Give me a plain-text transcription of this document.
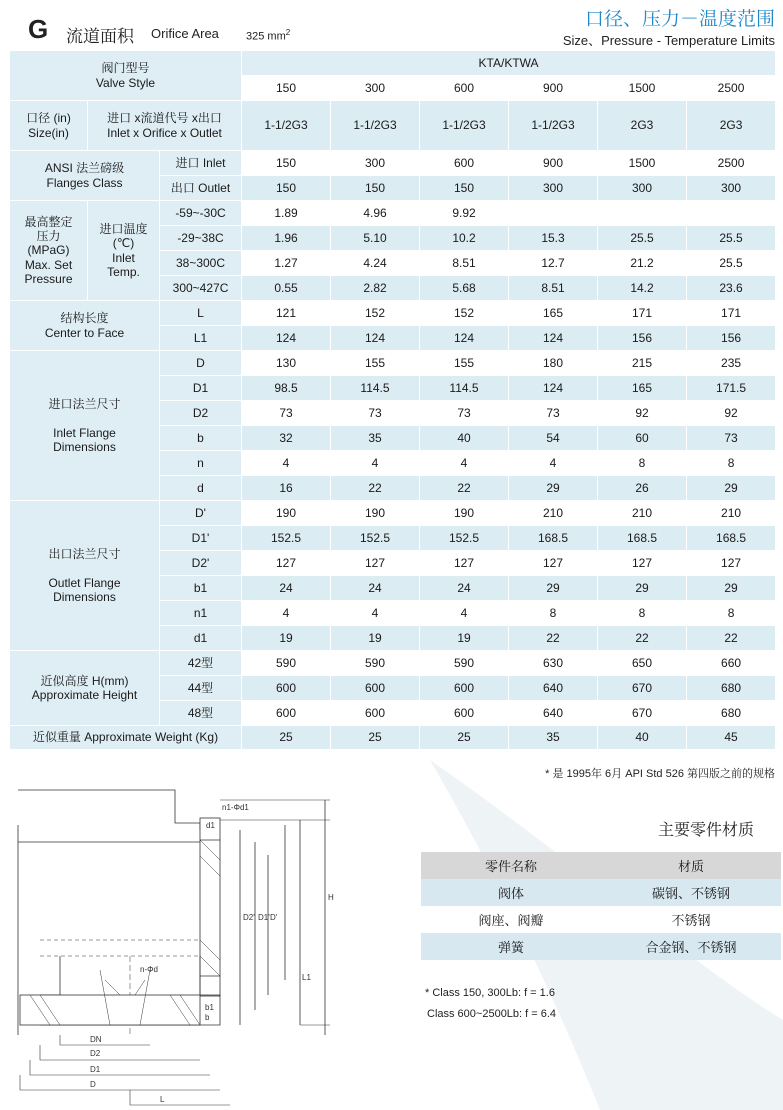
G 流道面积 Orifice Area 325 $mm^2$
口径、压力－温度范围
Size、Pressure - Temperature Limits
阀门型号
Valve Style			KTA/KTWA					
			150	300	600	900	1500	2500
口径 (in)
Size(in)	进口 x流道代号 x出口
Inlet x Orifice x Outlet		1-1/2G3	1-1/2G3	1-1/2G3	1-1/2G3	2G3	2G3
ANSI 法兰磅级
Flanges Class		进口 Inlet	150	300	600	900	1500	2500
		出口 Outlet	150	150	150	300	300	300
最高整定
压力
(MPaG)
Max. Set
Pressure	进口温度
(℃)
Inlet
Temp.	-59~-30C	1.89	4.96	9.92			
		-29~38C	1.96	5.10	10.2	15.3	25.5	25.5
		38~300C	1.27	4.24	8.51	12.7	21.2	25.5
		300~427C	0.55	2.82	5.68	8.51	14.2	23.6
结构长度
Center to Face		L	121	152	152	165	171	171
		L1	124	124	124	124	156	156
进口法兰尺寸

Inlet Flange
Dimensions		D	130	155	155	180	215	235
		D1	98.5	114.5	114.5	124	165	171.5
		D2	73	73	73	73	92	92
		b	32	35	40	54	60	73
		n	4	4	4	4	8	8
		d	16	22	22	29	26	29
出口法兰尺寸

Outlet Flange
Dimensions		D'	190	190	190	210	210	210
		D1'	152.5	152.5	152.5	168.5	168.5	168.5
		D2'	127	127	127	127	127	127
		b1	24	24	24	29	29	29
		n1	4	4	4	8	8	8
		d1	19	19	19	22	22	22
近似高度 H(mm)
Approximate Height		42型	590	590	590	630	650	660
		44型	600	600	600	640	670	680
		48型	600	600	600	640	670	680
近似重量 Approximate Weight (Kg)			25	25	25	35	40	45
* 是 1995年 6月 API Std 526 第四版之前的规格
n1-Φd1
d1
D2' D'
D1'
H
L1
n-Φd
D2
DN
D1
D
L
b
b1
主要零件材质
零件名称	材质
阀体	碳钢、不锈钢
阀座、阀瓣	不锈钢
弹簧	合金钢、不锈钢
* Class 150, 300Lb: f = 1.6
Class 600~2500Lb: f = 6.4
